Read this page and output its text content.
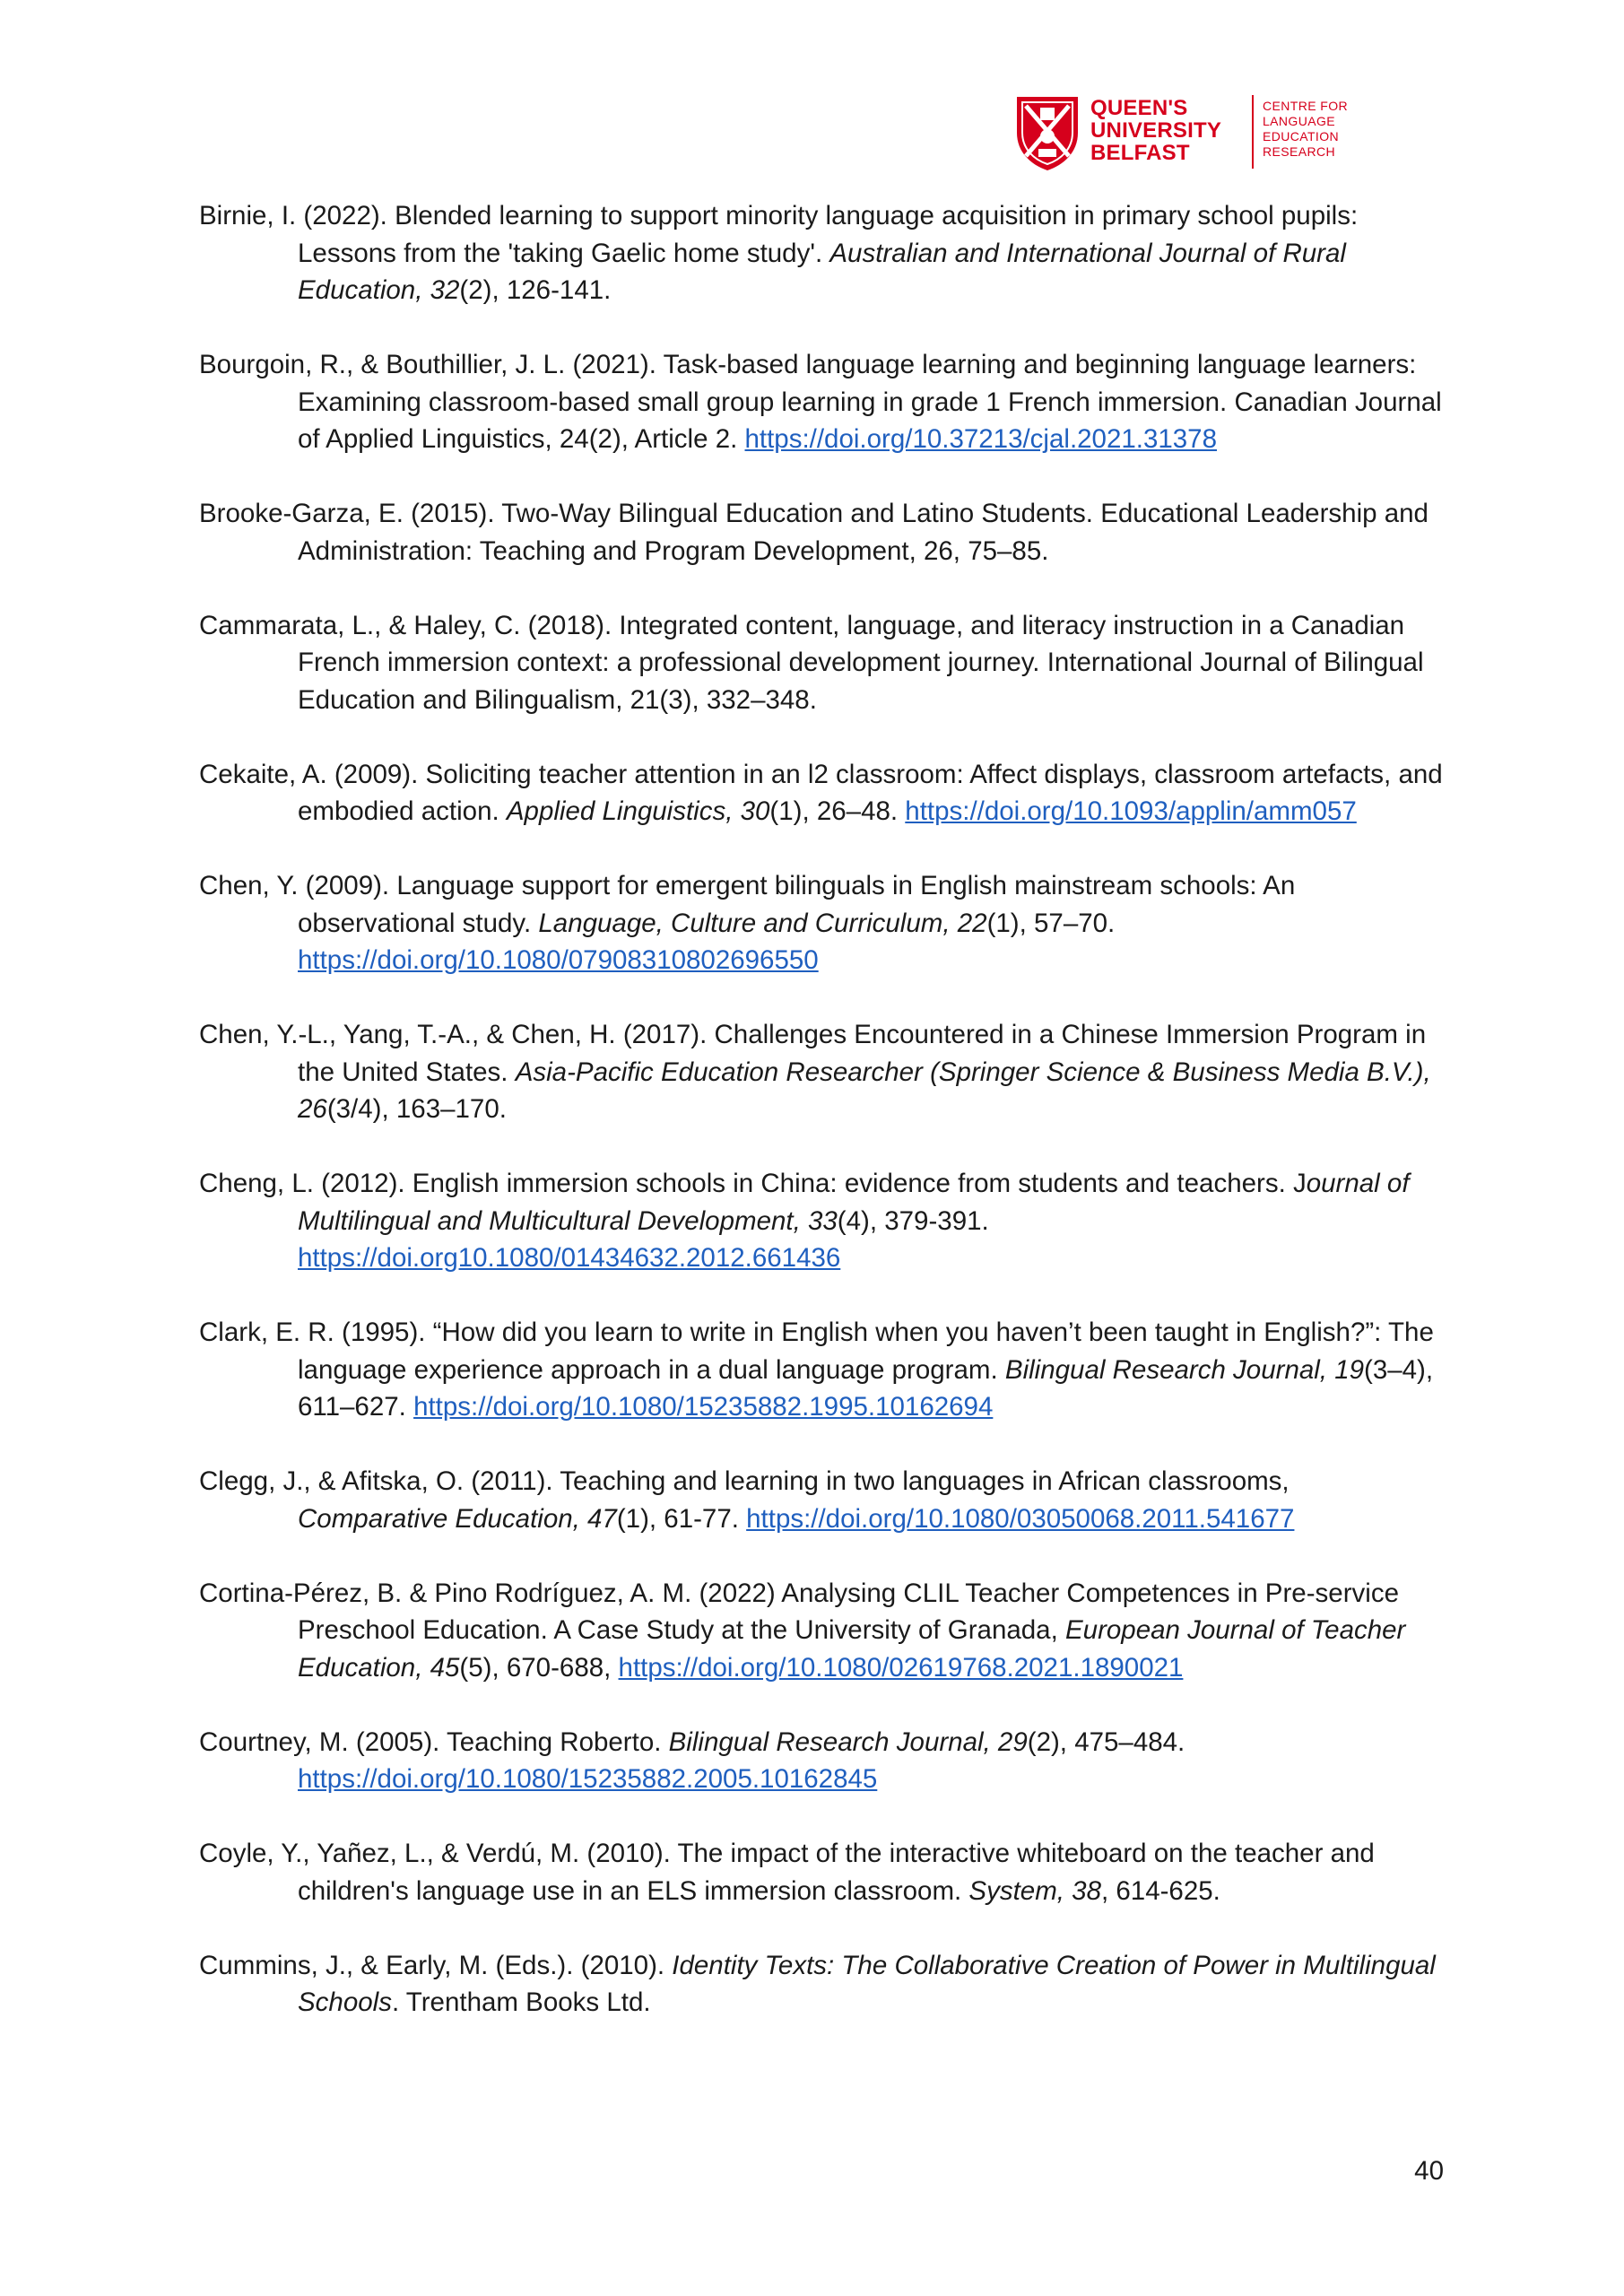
QUEEN'S
UNIVERSITY
BELFAST
CENTRE FOR
LANGUAGE
EDUCATION
RESEARCH

Birnie, I. (2022). Blended learning to support minority language acquisition in primary school pupils: Lessons from the 'taking Gaelic home study'. Australian and International Journal of Rural Education, 32(2), 126-141.

Bourgoin, R., & Bouthillier, J. L. (2021). Task-based language learning and beginning language learners: Examining classroom-based small group learning in grade 1 French immersion. Canadian Journal of Applied Linguistics, 24(2), Article 2. https://doi.org/10.37213/cjal.2021.31378

Brooke-Garza, E. (2015). Two-Way Bilingual Education and Latino Students. Educational Leadership and Administration: Teaching and Program Development, 26, 75–85.

Cammarata, L., & Haley, C. (2018). Integrated content, language, and literacy instruction in a Canadian French immersion context: a professional development journey. International Journal of Bilingual Education and Bilingualism, 21(3), 332–348.

Cekaite, A. (2009). Soliciting teacher attention in an l2 classroom: Affect displays, classroom artefacts, and embodied action. Applied Linguistics, 30(1), 26–48. https://doi.org/10.1093/applin/amm057

Chen, Y. (2009). Language support for emergent bilinguals in English mainstream schools: An observational study. Language, Culture and Curriculum, 22(1), 57–70. https://doi.org/10.1080/07908310802696550

Chen, Y.-L., Yang, T.-A., & Chen, H. (2017). Challenges Encountered in a Chinese Immersion Program in the United States. Asia-Pacific Education Researcher (Springer Science & Business Media B.V.), 26(3/4), 163–170.

Cheng, L. (2012). English immersion schools in China: evidence from students and teachers. Journal of Multilingual and Multicultural Development, 33(4), 379-391. https://doi.org10.1080/01434632.2012.661436

Clark, E. R. (1995). “How did you learn to write in English when you haven’t been taught in English?”: The language experience approach in a dual language program. Bilingual Research Journal, 19(3–4), 611–627. https://doi.org/10.1080/15235882.1995.10162694

Clegg, J., & Afitska, O. (2011). Teaching and learning in two languages in African classrooms, Comparative Education, 47(1), 61-77. https://doi.org/10.1080/03050068.2011.541677

Cortina-Pérez, B. & Pino Rodríguez, A. M. (2022) Analysing CLIL Teacher Competences in Pre-service Preschool Education. A Case Study at the University of Granada, European Journal of Teacher Education, 45(5), 670-688, https://doi.org/10.1080/02619768.2021.1890021

Courtney, M. (2005). Teaching Roberto. Bilingual Research Journal, 29(2), 475–484. https://doi.org/10.1080/15235882.2005.10162845

Coyle, Y., Yañez, L., & Verdú, M. (2010). The impact of the interactive whiteboard on the teacher and children's language use in an ELS immersion classroom. System, 38, 614-625.

Cummins, J., & Early, M. (Eds.). (2010). Identity Texts: The Collaborative Creation of Power in Multilingual Schools. Trentham Books Ltd.

40
